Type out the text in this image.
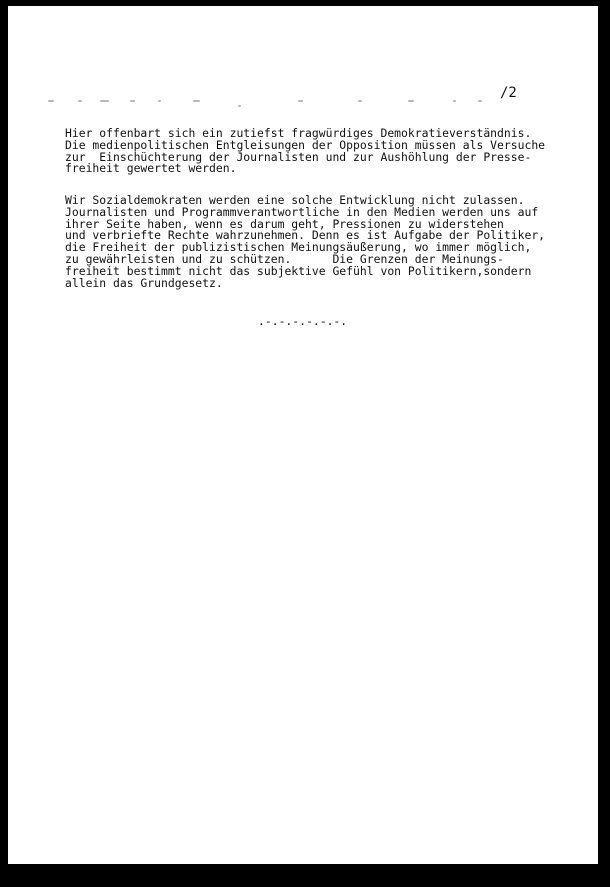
/2
Hier offenbart sich ein zutiefst fragwürdiges Demokratieverständnis.
Die medienpolitischen Entgleisungen der Opposition müssen als Versuche
zur  Einschüchterung der Journalisten und zur Aushöhlung der Presse-
freiheit gewertet werden.
Wir Sozialdemokraten werden eine solche Entwicklung nicht zulassen.
Journalisten und Programmverantwortliche in den Medien werden uns auf
ihrer Seite haben, wenn es darum geht, Pressionen zu widerstehen
und verbriefte Rechte wahrzunehmen. Denn es ist Aufgabe der Politiker,
die Freiheit der publizistischen Meinungsäußerung, wo immer möglich,
zu gewährleisten und zu schützen.      Die Grenzen der Meinungs-
freiheit bestimmt nicht das subjektive Gefühl von Politikern,sondern
allein das Grundgesetz.
.-.-.-.-.-.-.
